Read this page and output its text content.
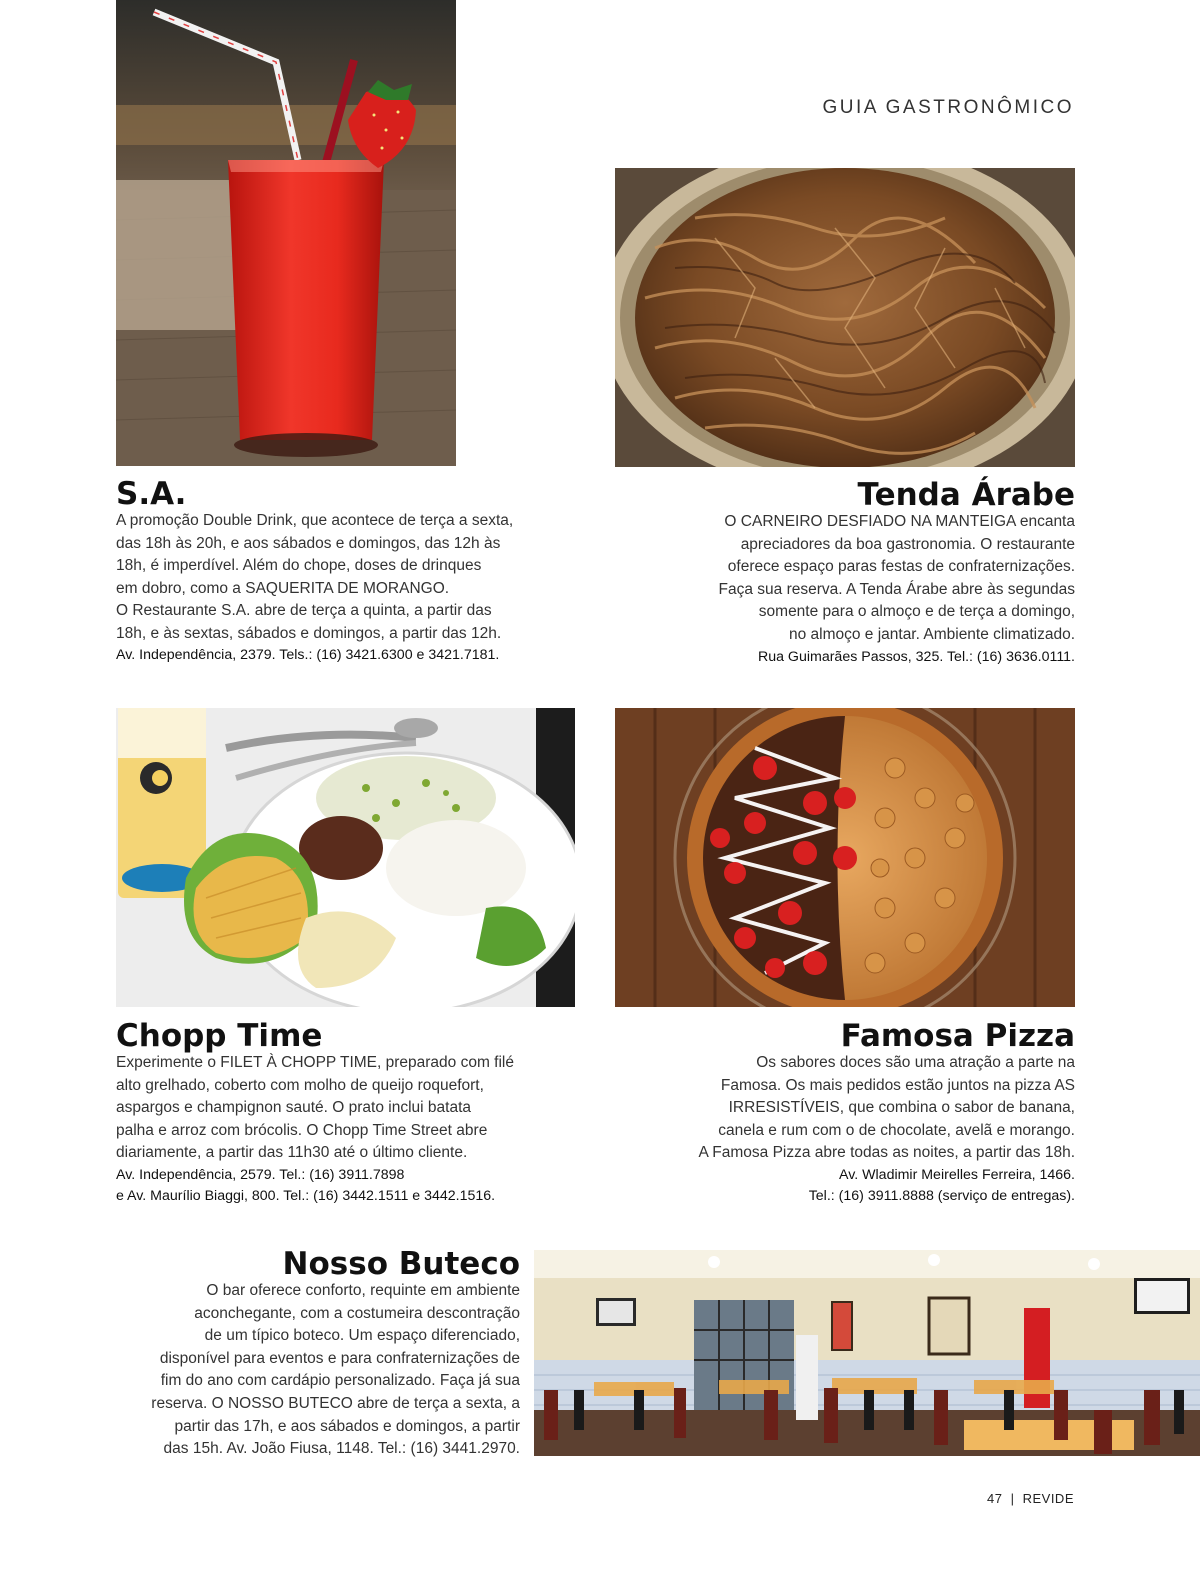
GUIA GASTRONÔMICO
S.A.

A promoção Double Drink, que acontece de terça a sexta,

das 18h às 20h, e aos sábados e domingos, das 12h às

18h, é imperdível. Além do chope, doses de drinques

em dobro, como a SAQUERITA DE MORANGO.

O Restaurante S.A. abre de terça a quinta, a partir das

18h, e às sextas, sábados e domingos, a partir das 12h.

Av. Independência, 2379. Tels.: (16) 3421.6300 e 3421.7181.

Tenda Árabe

O CARNEIRO DESFIADO NA MANTEIGA encanta

apreciadores da boa gastronomia. O restaurante

oferece espaço paras festas de confraternizações.

Faça sua reserva. A Tenda Árabe abre às segundas

somente para o almoço e de terça a domingo,

no almoço e jantar. Ambiente climatizado.

Rua Guimarães Passos, 325. Tel.: (16) 3636.0111.

Chopp Time

Experimente o FILET À CHOPP TIME, preparado com filé

alto grelhado, coberto com molho de queijo roquefort,

aspargos e champignon sauté. O prato inclui batata

palha e arroz com brócolis. O Chopp Time Street abre

diariamente, a partir das 11h30 até o último cliente.

Av. Independência, 2579. Tel.: (16) 3911.7898

e Av. Maurílio Biaggi, 800. Tel.: (16) 3442.1511 e 3442.1516.

Famosa Pizza

Os sabores doces são uma atração a parte na

Famosa. Os mais pedidos estão juntos na pizza AS

IRRESISTÍVEIS, que combina o sabor de banana,

canela e rum com o de chocolate, avelã e morango.

A Famosa Pizza abre todas as noites, a partir das 18h.

Av. Wladimir Meirelles Ferreira, 1466.

Tel.: (16) 3911.8888 (serviço de entregas).

Nosso Buteco

O bar oferece conforto, requinte em ambiente

aconchegante, com a costumeira descontração

de um típico boteco. Um espaço diferenciado,

disponível para eventos e para confraternizações de

fim do ano com cardápio personalizado. Faça já sua

reserva. O NOSSO BUTECO abre de terça a sexta, a

partir das 17h, e aos sábados e domingos, a partir

das 15h. Av. João Fiusa, 1148. Tel.: (16) 3441.2970.

47 | REVIDE
